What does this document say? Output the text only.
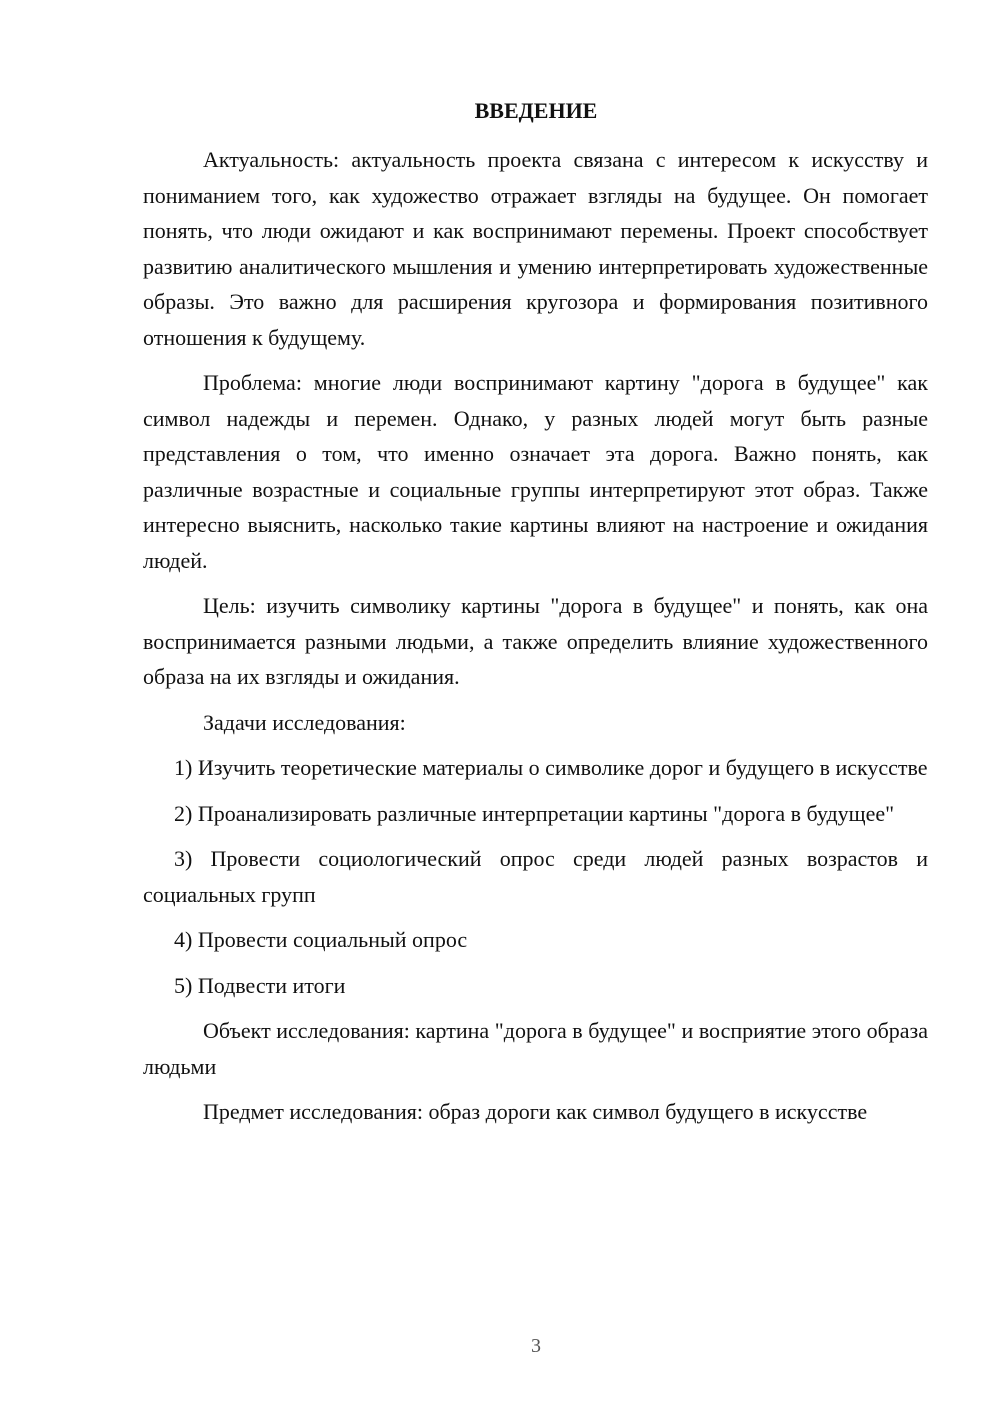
ВВЕДЕНИЕ

Актуальность: актуальность проекта связана с интересом к искусству и пониманием того, как художество отражает взгляды на будущее. Он помогает понять, что люди ожидают и как воспринимают перемены. Проект способствует развитию аналитического мышления и умению интерпретировать художественные образы. Это важно для расширения кругозора и формирования позитивного отношения к будущему.

Проблема: многие люди воспринимают картину "дорога в будущее" как символ надежды и перемен. Однако, у разных людей могут быть разные представления о том, что именно означает эта дорога. Важно понять, как различные возрастные и социальные группы интерпретируют этот образ. Также интересно выяснить, насколько такие картины влияют на настроение и ожидания людей.

Цель: изучить символику картины "дорога в будущее" и понять, как она воспринимается разными людьми, а также определить влияние художественного образа на их взгляды и ожидания.

Задачи исследования:

1) Изучить теоретические материалы о символике дорог и будущего в искусстве

2) Проанализировать различные интерпретации картины "дорога в будущее"

3) Провести социологический опрос среди людей разных возрастов и социальных групп

4) Провести социальный опрос

5) Подвести итоги

Объект исследования: картина "дорога в будущее" и восприятие этого образа людьми

Предмет исследования: образ дороги как символ будущего в искусстве

3
